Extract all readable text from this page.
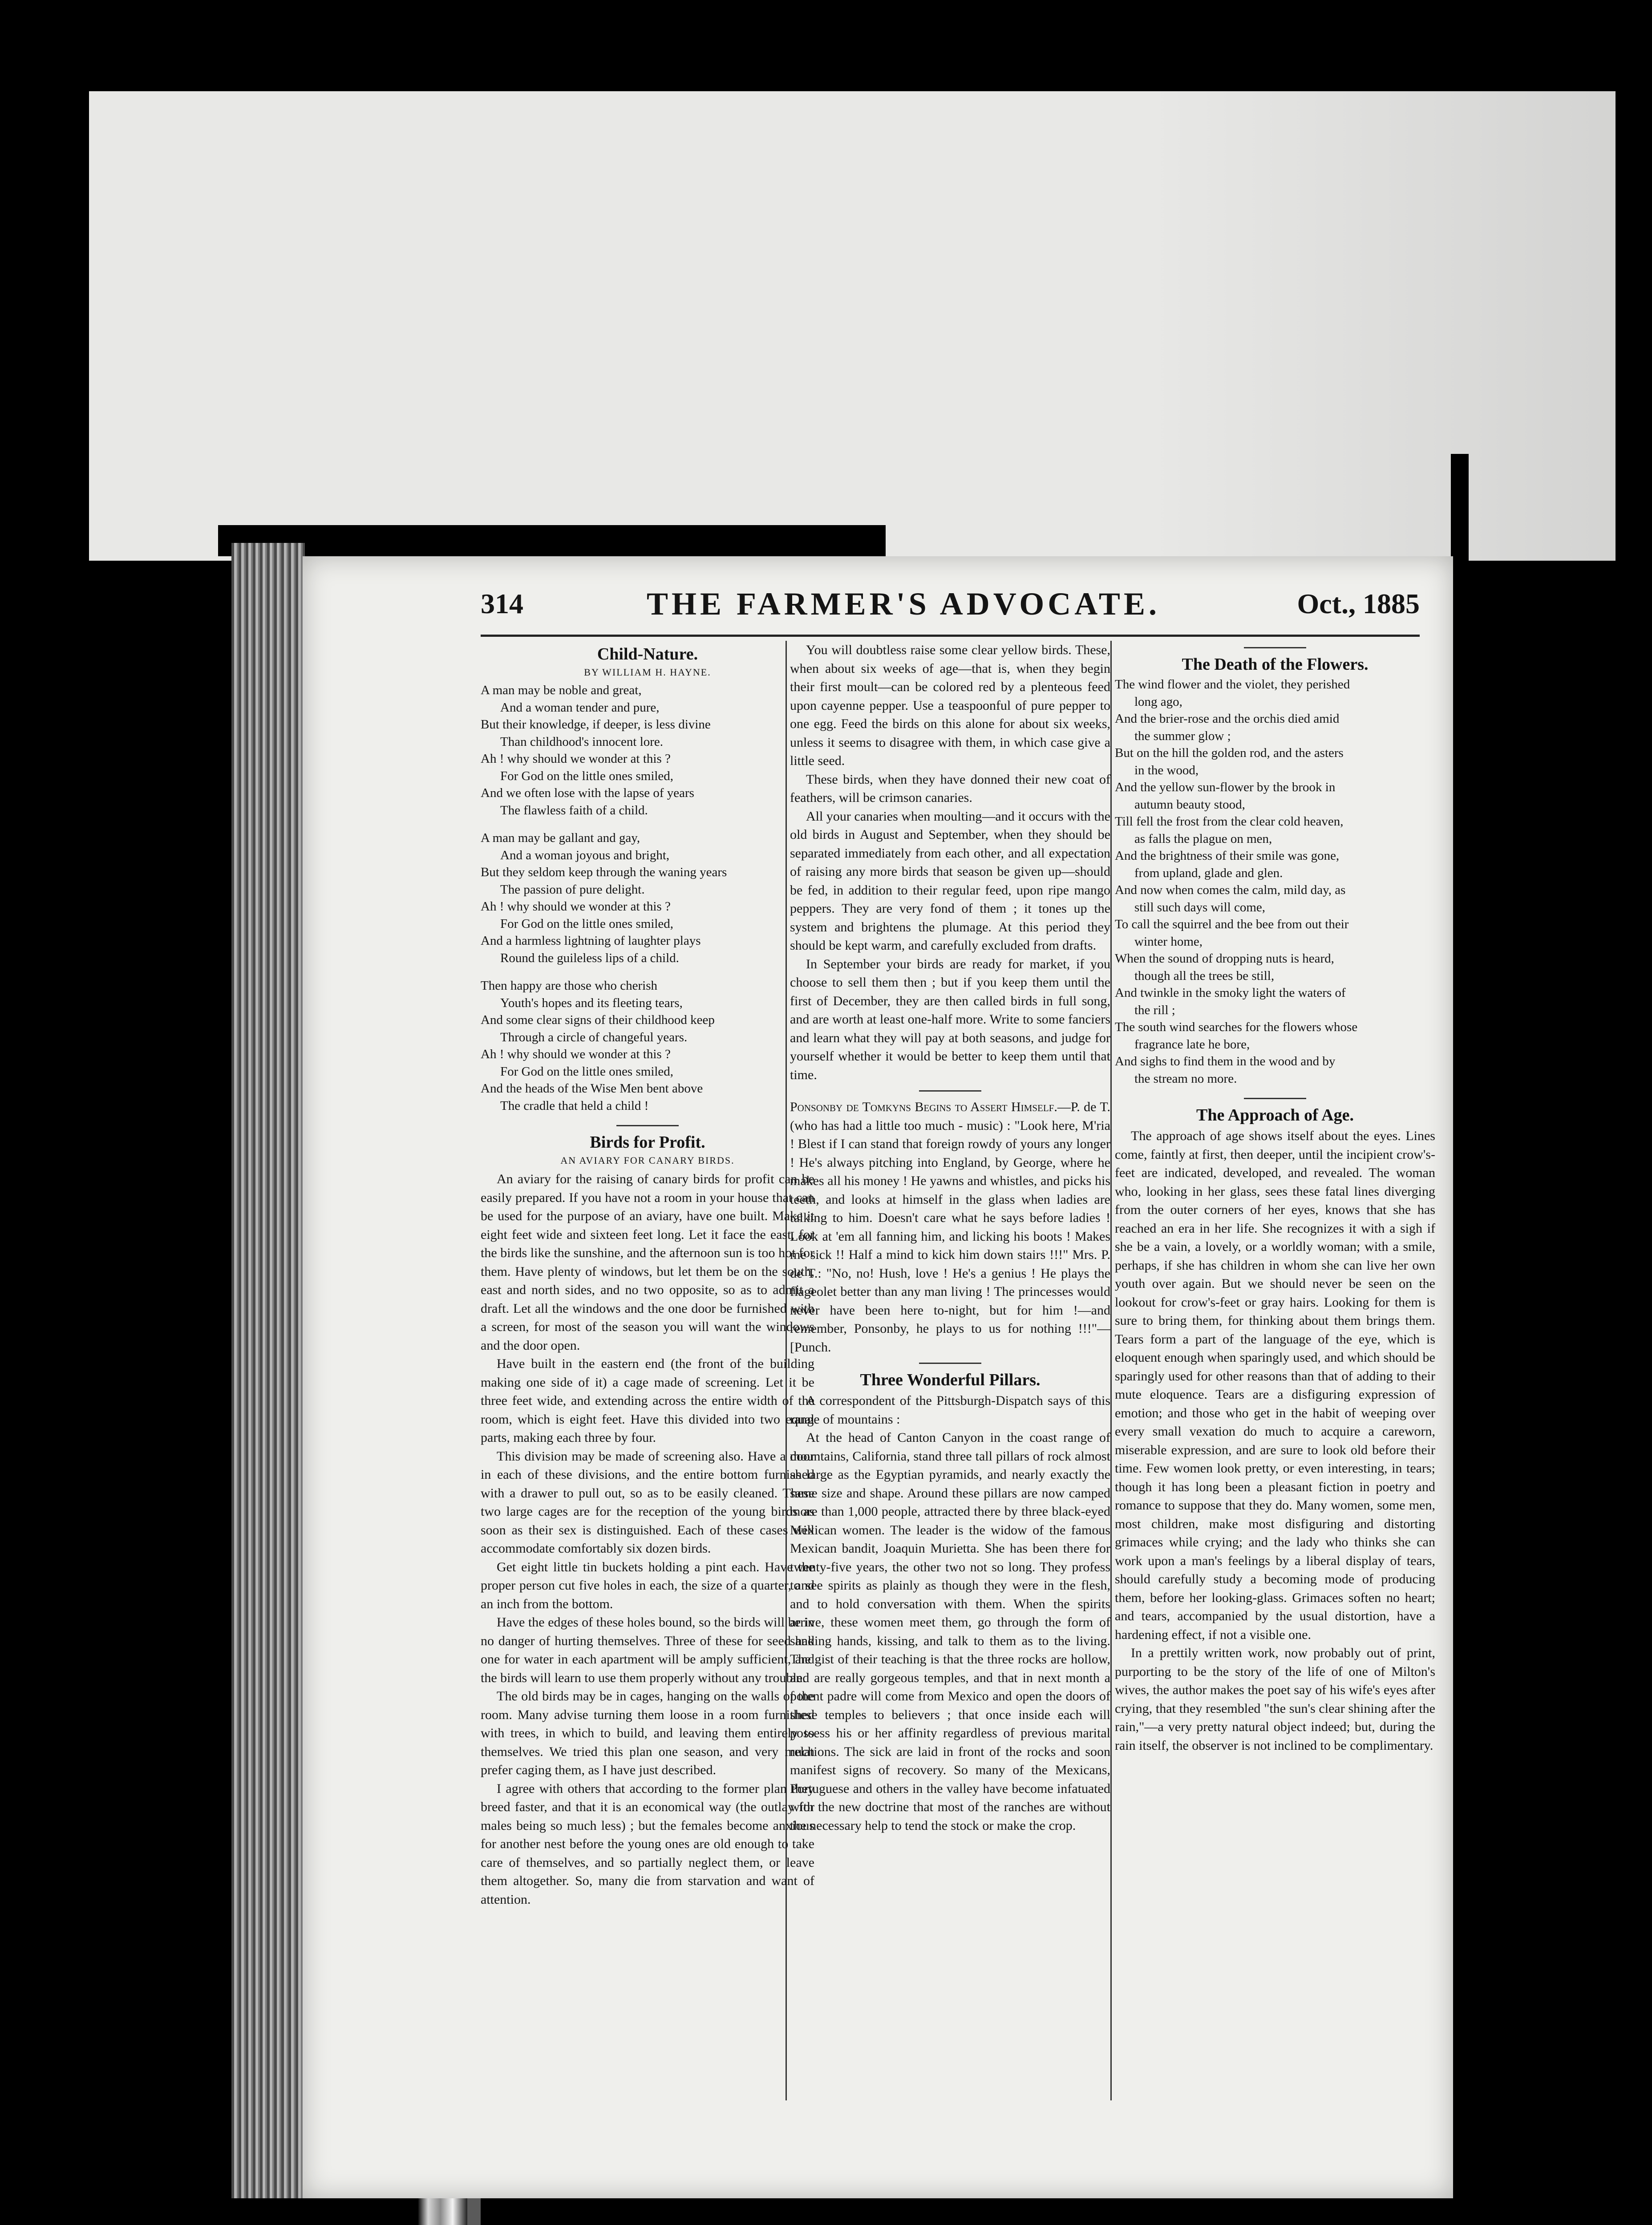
314	THE FARMER'S ADVOCATE.	Oct., 1885
Child-Nature.
BY WILLIAM H. HAYNE.
A man may be noble and great,
And a woman tender and pure,
But their knowledge, if deeper, is less divine
Than childhood's innocent lore.
Ah ! why should we wonder at this ?
For God on the little ones smiled,
And we often lose with the lapse of years
The flawless faith of a child.
A man may be gallant and gay,
And a woman joyous and bright,
But they seldom keep through the waning years
The passion of pure delight.
Ah ! why should we wonder at this ?
For God on the little ones smiled,
And a harmless lightning of laughter plays
Round the guileless lips of a child.
Then happy are those who cherish
Youth's hopes and its fleeting tears,
And some clear signs of their childhood keep
Through a circle of changeful years.
Ah ! why should we wonder at this ?
For God on the little ones smiled,
And the heads of the Wise Men bent above
The cradle that held a child !
Birds for Profit.
AN AVIARY FOR CANARY BIRDS.

An aviary for the raising of canary birds for profit can be easily prepared. If you have not a room in your house that can be used for the purpose of an aviary, have one built. Make it eight feet wide and sixteen feet long. Let it face the east, for the birds like the sunshine, and the afternoon sun is too hot for them. Have plenty of windows, but let them be on the south, east and north sides, and no two opposite, so as to admit a draft. Let all the windows and the one door be furnished with a screen, for most of the season you will want the windows and the door open.

Have built in the eastern end (the front of the building making one side of it) a cage made of screening. Let it be three feet wide, and extending across the entire width of the room, which is eight feet. Have this divided into two equal parts, making each three by four.

This division may be made of screening also. Have a door in each of these divisions, and the entire bottom furnished with a drawer to pull out, so as to be easily cleaned. These two large cages are for the reception of the young birds as soon as their sex is distinguished. Each of these cases will accommodate comfortably six dozen birds.

Get eight little tin buckets holding a pint each. Have the proper person cut five holes in each, the size of a quarter, and an inch from the bottom.

Have the edges of these holes bound, so the birds will be in no danger of hurting themselves. Three of these for seed and one for water in each apartment will be amply sufficient, and the birds will learn to use them properly without any trouble.

The old birds may be in cages, hanging on the walls of the room. Many advise turning them loose in a room furnished with trees, in which to build, and leaving them entirely to themselves. We tried this plan one season, and very much prefer caging them, as I have just described.

I agree with others that according to the former plan they breed faster, and that it is an economical way (the outlay for males being so much less) ; but the females become anxious for another nest before the young ones are old enough to take care of themselves, and so partially neglect them, or leave them altogether. So, many die from starvation and want of attention.

You will doubtless raise some clear yellow birds. These, when about six weeks of age—that is, when they begin their first moult—can be colored red by a plenteous feed upon cayenne pepper. Use a teaspoonful of pure pepper to one egg. Feed the birds on this alone for about six weeks, unless it seems to disagree with them, in which case give a little seed.

These birds, when they have donned their new coat of feathers, will be crimson canaries.

All your canaries when moulting—and it occurs with the old birds in August and September, when they should be separated immediately from each other, and all expectation of raising any more birds that season be given up—should be fed, in addition to their regular feed, upon ripe mango peppers. They are very fond of them ; it tones up the system and brightens the plumage. At this period they should be kept warm, and carefully excluded from drafts.

In September your birds are ready for market, if you choose to sell them then ; but if you keep them until the first of December, they are then called birds in full song, and are worth at least one-half more. Write to some fanciers and learn what they will pay at both seasons, and judge for yourself whether it would be better to keep them until that time.

Ponsonby de Tomkyns Begins to Assert Himself.—P. de T. (who has had a little too much - music) : "Look here, M'ria ! Blest if I can stand that foreign rowdy of yours any longer ! He's always pitching into England, by George, where he makes all his money ! He yawns and whistles, and picks his teeth, and looks at himself in the glass when ladies are talking to him. Doesn't care what he says before ladies ! Look at 'em all fanning him, and licking his boots ! Makes me sick !! Half a mind to kick him down stairs !!!" Mrs. P. de T.: "No, no! Hush, love ! He's a genius ! He plays the flageolet better than any man living ! The princesses would never have been here to-night, but for him !—and remember, Ponsonby, he plays to us for nothing !!!"—[Punch.

Three Wonderful Pillars.

A correspondent of the Pittsburgh-Dispatch says of this range of mountains :

At the head of Canton Canyon in the coast range of mountains, California, stand three tall pillars of rock almost as large as the Egyptian pyramids, and nearly exactly the same size and shape. Around these pillars are now camped more than 1,000 people, attracted there by three black-eyed Mexican women. The leader is the widow of the famous Mexican bandit, Joaquin Murietta. She has been there for twenty-five years, the other two not so long. They profess to see spirits as plainly as though they were in the flesh, and to hold conversation with them. When the spirits arrive, these women meet them, go through the form of shaking hands, kissing, and talk to them as to the living. The gist of their teaching is that the three rocks are hollow, and are really gorgeous temples, and that in next month a potent padre will come from Mexico and open the doors of these temples to believers ; that once inside each will possess his or her affinity regardless of previous marital relations. The sick are laid in front of the rocks and soon manifest signs of recovery. So many of the Mexicans, Portuguese and others in the valley have become infatuated with the new doctrine that most of the ranches are without the necessary help to tend the stock or make the crop.

The Death of the Flowers.
The wind flower and the violet, they perished
long ago,
And the brier-rose and the orchis died amid
the summer glow ;
But on the hill the golden rod, and the asters
in the wood,
And the yellow sun-flower by the brook in
autumn beauty stood,
Till fell the frost from the clear cold heaven,
as falls the plague on men,
And the brightness of their smile was gone,
from upland, glade and glen.
And now when comes the calm, mild day, as
still such days will come,
To call the squirrel and the bee from out their
winter home,
When the sound of dropping nuts is heard,
though all the trees be still,
And twinkle in the smoky light the waters of
the rill ;
The south wind searches for the flowers whose
fragrance late he bore,
And sighs to find them in the wood and by
the stream no more.
The Approach of Age.

The approach of age shows itself about the eyes. Lines come, faintly at first, then deeper, until the incipient crow's-feet are indicated, developed, and revealed. The woman who, looking in her glass, sees these fatal lines diverging from the outer corners of her eyes, knows that she has reached an era in her life. She recognizes it with a sigh if she be a vain, a lovely, or a worldly woman; with a smile, perhaps, if she has children in whom she can live her own youth over again. But we should never be seen on the lookout for crow's-feet or gray hairs. Looking for them is sure to bring them, for thinking about them brings them. Tears form a part of the language of the eye, which is eloquent enough when sparingly used, and which should be sparingly used for other reasons than that of adding to their mute eloquence. Tears are a disfiguring expression of emotion; and those who get in the habit of weeping over every small vexation do much to acquire a careworn, miserable expression, and are sure to look old before their time. Few women look pretty, or even interesting, in tears; though it has long been a pleasant fiction in poetry and romance to suppose that they do. Many women, some men, most children, make most disfiguring and distorting grimaces while crying; and the lady who thinks she can work upon a man's feelings by a liberal display of tears, should carefully study a becoming mode of producing them, before her looking-glass. Grimaces soften no heart; and tears, accompanied by the usual distortion, have a hardening effect, if not a visible one.

In a prettily written work, now probably out of print, purporting to be the story of the life of one of Milton's wives, the author makes the poet say of his wife's eyes after crying, that they resembled "the sun's clear shining after the rain,"—a very pretty natural object indeed; but, during the rain itself, the observer is not inclined to be complimentary.
